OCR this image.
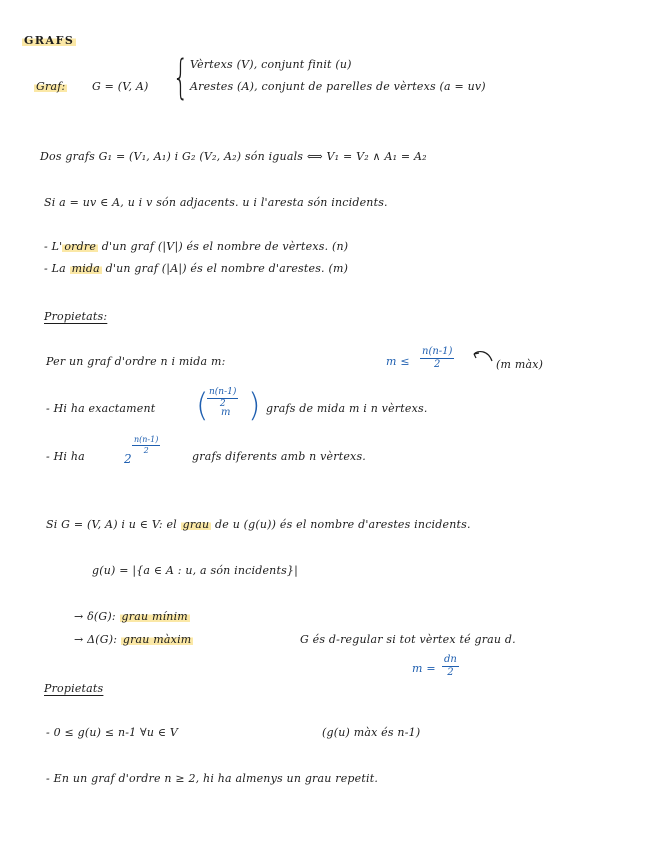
GRAFS
Graf: G = (V, A) { Vèrtexs (V), conjunt finit (u)
Arestes (A), conjunt de parelles de vèrtexs (a = uv)
Dos grafs G₁ = (V₁, A₁) i G₂ (V₂, A₂) són iguals ⟺ V₁ = V₂ ∧ A₁ = A₂
Si a = uv ∈ A, u i v són adjacents. u i l'aresta són incidents.
- L' ordre d'un graf (|V|) és el nombre de vèrtexs. (n)
- La mida d'un graf (|A|) és el nombre d'arestes. (m)
Propietats:
Per un graf d'ordre n i mida m:	$m \le \frac{n(n-1)}{2}$	(m màx)
- Hi ha exactament (
$\frac{n(n-1)}{2}$
m ) grafs de mida m i n vèrtexs.
- Hi ha	2
$\frac{n(n-1)}{2}$
grafs diferents amb n vèrtexs.
Si G = (V, A) i u ∈ V: el grau de u (g(u)) és el nombre d'arestes incidents.
g(u) = |{a ∈ A : u, a són incidents}|
→ δ(G): grau mínim
→ Δ(G): grau màxim	G és d-regular si tot vèrtex té grau d.
$m = \frac{dn}{2}$
Propietats
- 0 ≤ g(u) ≤ n-1 ∀u ∈ V	(g(u) màx és n-1)
- En un graf d'ordre n ≥ 2, hi ha almenys un grau repetit.
